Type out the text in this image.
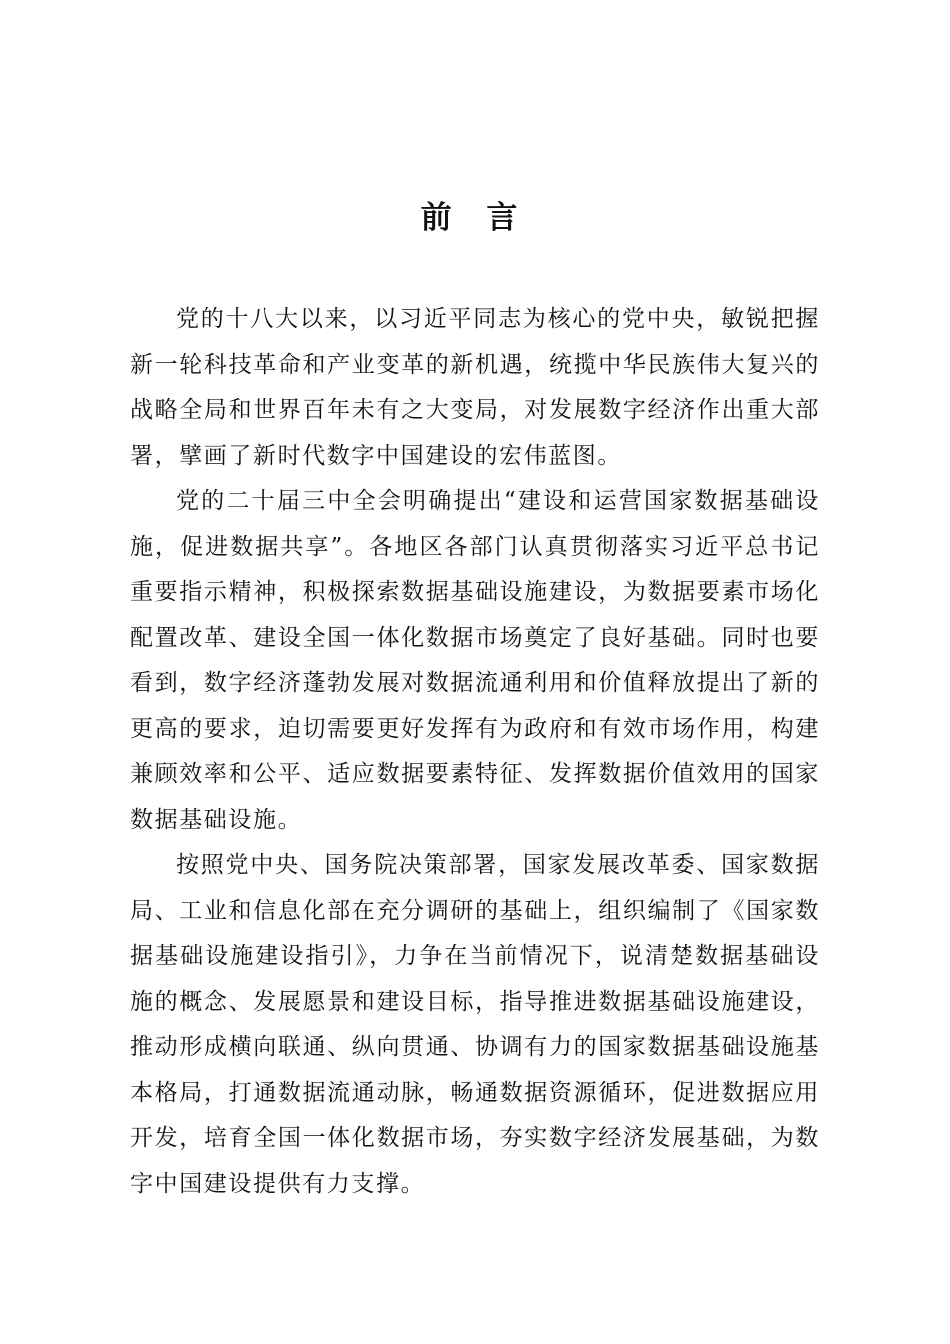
前 言

党的十八大以来，以习近平同志为核心的党中央，敏锐把握新一轮科技革命和产业变革的新机遇，统揽中华民族伟大复兴的战略全局和世界百年未有之大变局，对发展数字经济作出重大部署，擘画了新时代数字中国建设的宏伟蓝图。

党的二十届三中全会明确提出“建设和运营国家数据基础设施，促进数据共享”。各地区各部门认真贯彻落实习近平总书记重要指示精神，积极探索数据基础设施建设，为数据要素市场化配置改革、建设全国一体化数据市场奠定了良好基础。同时也要看到，数字经济蓬勃发展对数据流通利用和价值释放提出了新的更高的要求，迫切需要更好发挥有为政府和有效市场作用，构建兼顾效率和公平、适应数据要素特征、发挥数据价值效用的国家数据基础设施。

按照党中央、国务院决策部署，国家发展改革委、国家数据局、工业和信息化部在充分调研的基础上，组织编制了《国家数据基础设施建设指引》，力争在当前情况下，说清楚数据基础设施的概念、发展愿景和建设目标，指导推进数据基础设施建设，推动形成横向联通、纵向贯通、协调有力的国家数据基础设施基本格局，打通数据流通动脉，畅通数据资源循环，促进数据应用开发，培育全国一体化数据市场，夯实数字经济发展基础，为数字中国建设提供有力支撑。
